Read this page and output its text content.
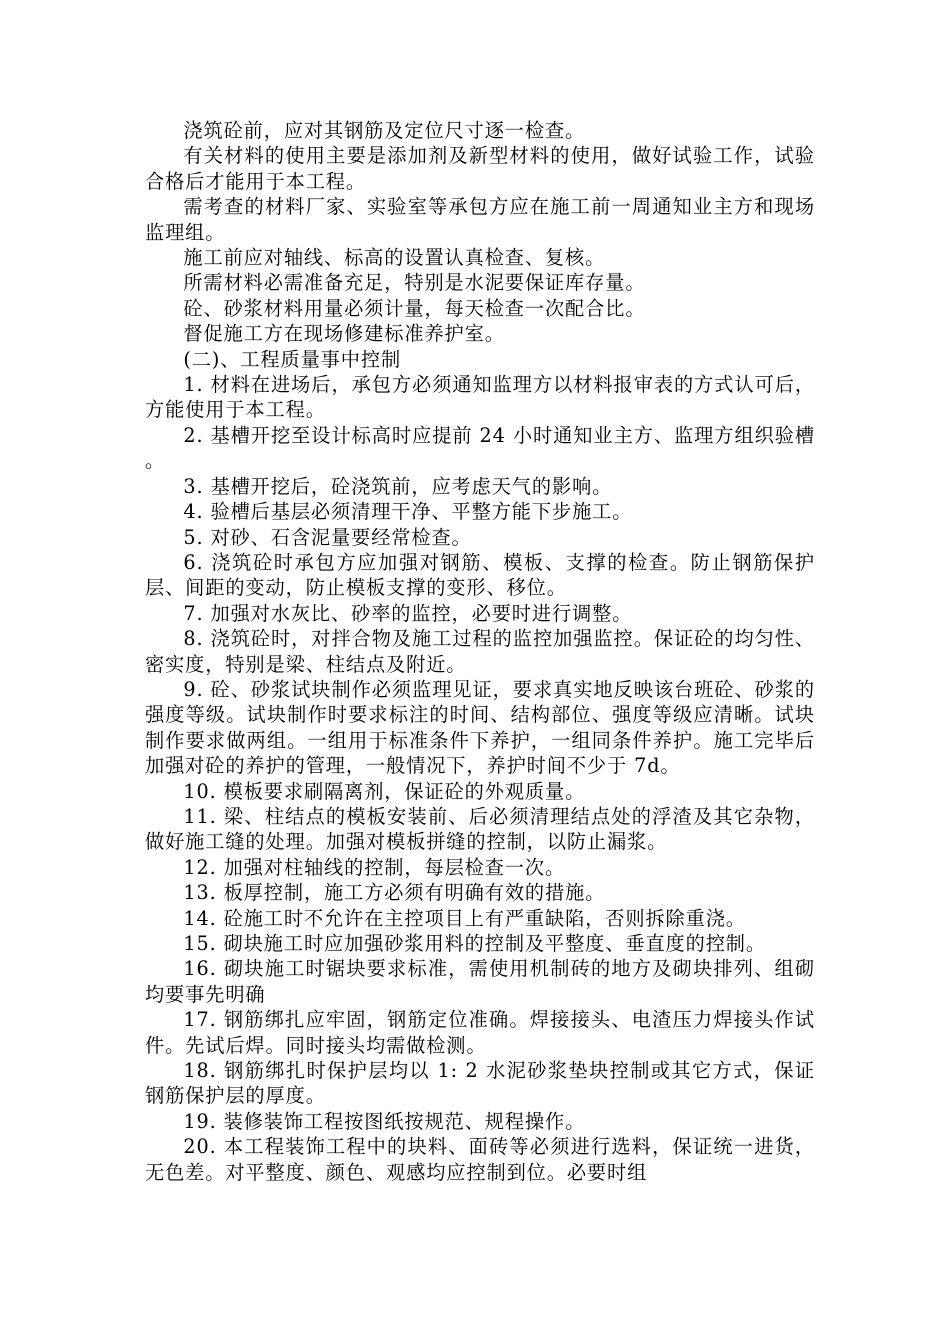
浇筑砼前，应对其钢筋及定位尺寸逐一检查。

有关材料的使用主要是添加剂及新型材料的使用，做好试验工作，试验合格后才能用于本工程。

需考查的材料厂家、实验室等承包方应在施工前一周通知业主方和现场监理组。

施工前应对轴线、标高的设置认真检查、复核。

所需材料必需准备充足，特别是水泥要保证库存量。

砼、砂浆材料用量必须计量，每天检查一次配合比。

督促施工方在现场修建标准养护室。

(二)、工程质量事中控制

1. 材料在进场后，承包方必须通知监理方以材料报审表的方式认可后，方能使用于本工程。

2. 基槽开挖至设计标高时应提前 24 小时通知业主方、监理方组织验槽 。

3. 基槽开挖后，砼浇筑前，应考虑天气的影响。

4. 验槽后基层必须清理干净、平整方能下步施工。

5. 对砂、石含泥量要经常检查。

6. 浇筑砼时承包方应加强对钢筋、模板、支撑的检查。防止钢筋保护层、间距的变动，防止模板支撑的变形、移位。

7. 加强对水灰比、砂率的监控，必要时进行调整。

8. 浇筑砼时，对拌合物及施工过程的监控加强监控。保证砼的均匀性、密实度，特别是梁、柱结点及附近。

9. 砼、砂浆试块制作必须监理见证，要求真实地反映该台班砼、砂浆的强度等级。试块制作时要求标注的时间、结构部位、强度等级应清晰。试块制作要求做两组。一组用于标准条件下养护，一组同条件养护。施工完毕后加强对砼的养护的管理，一般情况下，养护时间不少于 7d。

10. 模板要求刷隔离剂，保证砼的外观质量。

11. 梁、柱结点的模板安装前、后必须清理结点处的浮渣及其它杂物，做好施工缝的处理。加强对模板拼缝的控制，以防止漏浆。

12. 加强对柱轴线的控制，每层检查一次。

13. 板厚控制，施工方必须有明确有效的措施。

14. 砼施工时不允许在主控项目上有严重缺陷，否则拆除重浇。

15. 砌块施工时应加强砂浆用料的控制及平整度、垂直度的控制。

16. 砌块施工时锯块要求标准，需使用机制砖的地方及砌块排列、组砌均要事先明确

17. 钢筋绑扎应牢固，钢筋定位准确。焊接接头、电渣压力焊接头作试件。先试后焊。同时接头均需做检测。

18. 钢筋绑扎时保护层均以 1: 2 水泥砂浆垫块控制或其它方式，保证钢筋保护层的厚度。

19. 装修装饰工程按图纸按规范、规程操作。

20. 本工程装饰工程中的块料、面砖等必须进行选料，保证统一进货，无色差。对平整度、颜色、观感均应控制到位。必要时组
